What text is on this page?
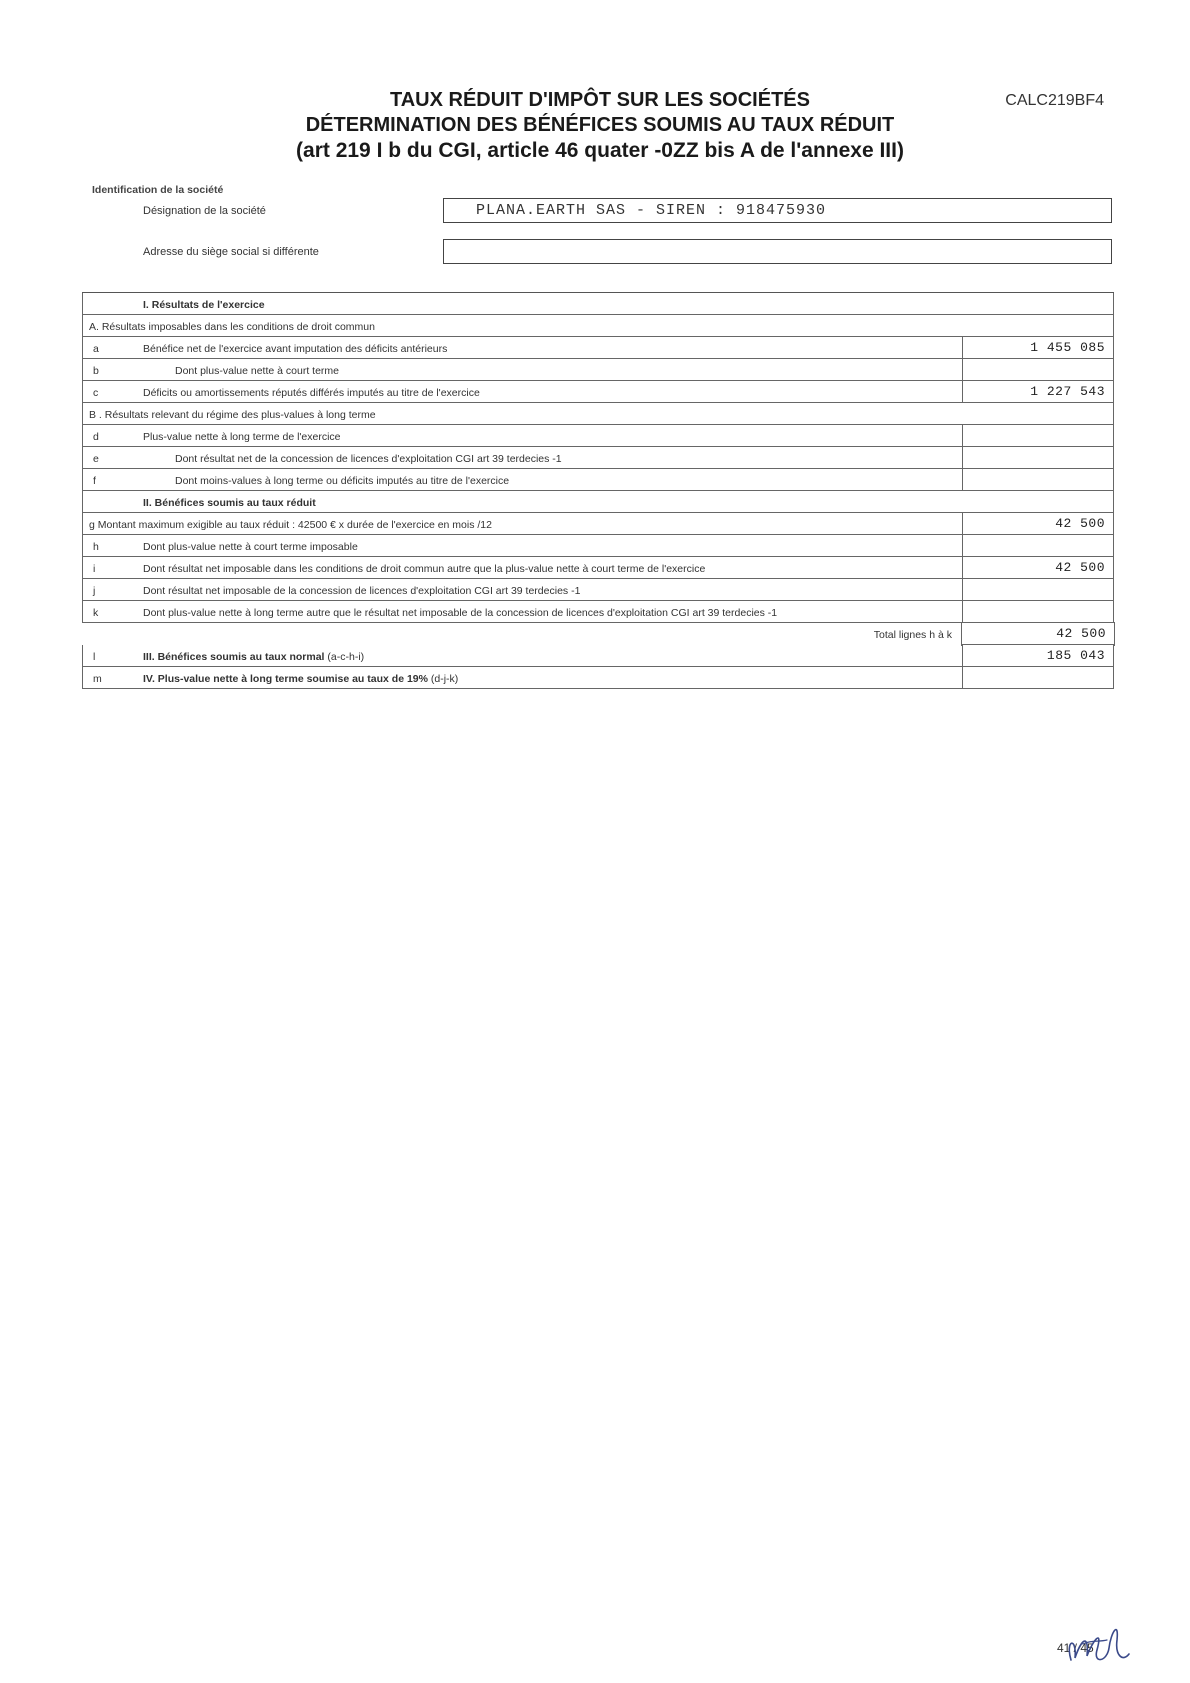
TAUX RÉDUIT D'IMPÔT SUR LES SOCIÉTÉS
DÉTERMINATION DES BÉNÉFICES SOUMIS AU TAUX RÉDUIT
(art 219 I b du CGI, article 46 quater -0ZZ bis A de l'annexe III)
CALC219BF4
Identification de la société
Désignation de la société	PLANA.EARTH SAS - SIREN : 918475930
Adresse du siège social si différente
I. Résultats de l'exercice
A. Résultats imposables dans les conditions de droit commun
a	Bénéfice net de l'exercice avant imputation des déficits antérieurs	1 455 085
b	Dont plus-value nette à court terme
c	Déficits ou amortissements réputés différés imputés au titre de l'exercice	1 227 543
B . Résultats relevant du régime des plus-values à long terme
d	Plus-value nette à long terme de l'exercice
e	Dont résultat net de la concession de licences d'exploitation CGI art 39 terdecies -1
f	Dont moins-values à long terme ou déficits imputés au titre de l'exercice
II. Bénéfices soumis au taux réduit
g Montant maximum exigible au taux réduit : 42500 € x durée de l'exercice en mois /12	42 500
h	Dont plus-value nette à court terme imposable
i	Dont résultat net imposable dans les conditions de droit commun autre que la plus-value nette à court terme de l'exercice	42 500
j	Dont résultat net imposable de la concession de licences d'exploitation CGI art 39 terdecies -1
k	Dont plus-value nette à long terme autre que le résultat net imposable de la concession de licences d'exploitation CGI art 39 terdecies -1
Total lignes h à k	42 500
l	III. Bénéfices soumis au taux normal (a-c-h-i)	185 043
m	IV. Plus-value nette à long terme soumise au taux de 19% (d-j-k)
41 / 45
